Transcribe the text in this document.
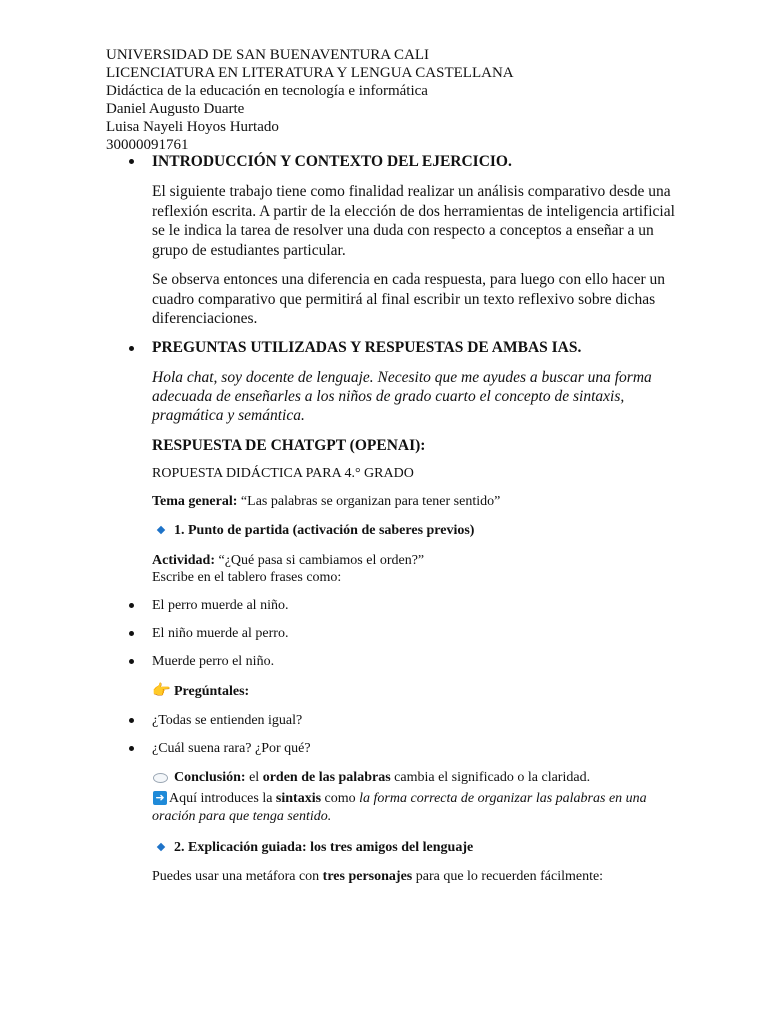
UNIVERSIDAD DE SAN BUENAVENTURA CALI
LICENCIATURA EN LITERATURA Y LENGUA CASTELLANA
Didáctica de la educación en tecnología e informática
Daniel Augusto Duarte
Luisa Nayeli Hoyos Hurtado
30000091761
INTRODUCCIÓN Y CONTEXTO DEL EJERCICIO.
El siguiente trabajo tiene como finalidad realizar un análisis comparativo desde una
reflexión escrita. A partir de la elección de dos herramientas de inteligencia artificial
se le indica la tarea de resolver una duda con respecto a conceptos a enseñar a un
grupo de estudiantes particular.
Se observa entonces una diferencia en cada respuesta, para luego con ello hacer un
cuadro comparativo que permitirá al final escribir un texto reflexivo sobre dichas
diferenciaciones.
PREGUNTAS UTILIZADAS Y RESPUESTAS DE AMBAS IAS.
Hola chat, soy docente de lenguaje. Necesito que me ayudes a buscar una forma
adecuada de enseñarles a los niños de grado cuarto el concepto de sintaxis,
pragmática y semántica.
RESPUESTA DE CHATGPT (OPENAI):
ROPUESTA DIDÁCTICA PARA 4.° GRADO
Tema general: “Las palabras se organizan para tener sentido”
1. Punto de partida (activación de saberes previos)
Actividad: “¿Qué pasa si cambiamos el orden?”
Escribe en el tablero frases como:
El perro muerde al niño.
El niño muerde al perro.
Muerde perro el niño.
👉 Pregúntales:
¿Todas se entienden igual?
¿Cuál suena rara? ¿Por qué?
Conclusión: el orden de las palabras cambia el significado o la claridad.
➜ Aquí introduces la sintaxis como la forma correcta de organizar las palabras en una
oración para que tenga sentido.
2. Explicación guiada: los tres amigos del lenguaje
Puedes usar una metáfora con tres personajes para que lo recuerden fácilmente:
